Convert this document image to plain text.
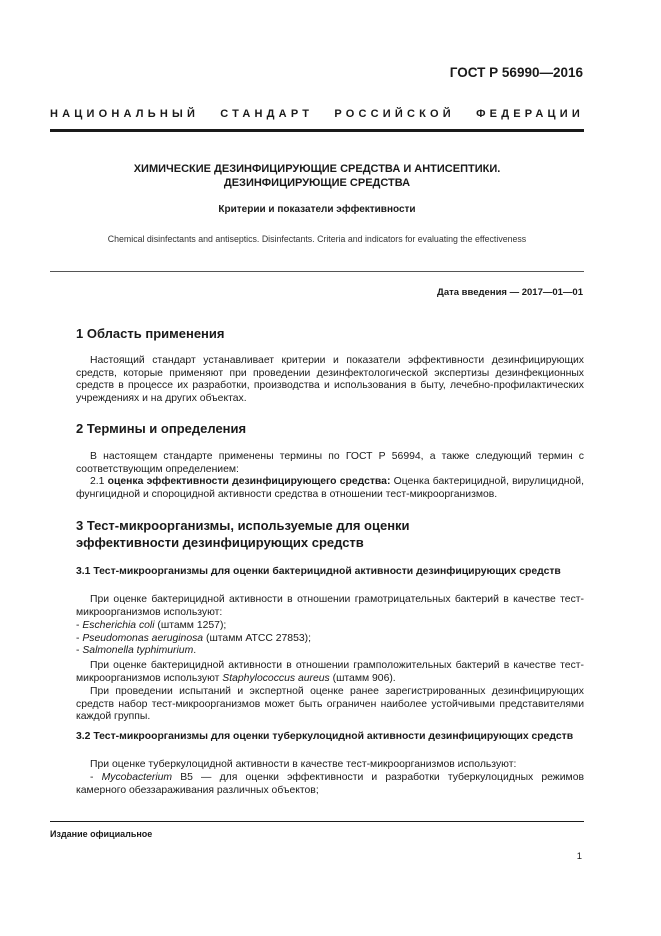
ГОСТ Р 56990—2016
НАЦИОНАЛЬНЫЙ СТАНДАРТ РОССИЙСКОЙ ФЕДЕРАЦИИ
ХИМИЧЕСКИЕ ДЕЗИНФИЦИРУЮЩИЕ СРЕДСТВА И АНТИСЕПТИКИ.
ДЕЗИНФИЦИРУЮЩИЕ СРЕДСТВА
Критерии и показатели эффективности
Chemical disinfectants and antiseptics. Disinfectants. Criteria and indicators for evaluating the effectiveness
Дата введения — 2017—01—01
1 Область применения
Настоящий стандарт устанавливает критерии и показатели эффективности дезинфицирующих средств, которые применяют при проведении дезинфектологической экспертизы дезинфекционных средств в процессе их разработки, производства и использования в быту, лечебно-профилактических учреждениях и на других объектах.
2 Термины и определения
В настоящем стандарте применены термины по ГОСТ Р 56994, а также следующий термин с соответствующим определением:
2.1 оценка эффективности дезинфицирующего средства: Оценка бактерицидной, вирулицидной, фунгицидной и спороцидной активности средства в отношении тест-микроорганизмов.
3 Тест-микроорганизмы, используемые для оценки
эффективности дезинфицирующих средств
3.1 Тест-микроорганизмы для оценки бактерицидной активности дезинфицирующих средств
При оценке бактерицидной активности в отношении грамотрицательных бактерий в качестве тест-микроорганизмов используют:
- Escherichia coli (штамм 1257);
- Pseudomonas aeruginosa (штамм АТСС 27853);
- Salmonella typhimurium.
При оценке бактерицидной активности в отношении грамположительных бактерий в качестве тест-микроорганизмов используют Staphylococcus aureus (штамм 906).
При проведении испытаний и экспертной оценке ранее зарегистрированных дезинфицирующих средств набор тест-микроорганизмов может быть ограничен наиболее устойчивыми представителями каждой группы.
3.2 Тест-микроорганизмы для оценки туберкулоцидной активности дезинфицирующих средств
При оценке туберкулоцидной активности в качестве тест-микроорганизмов используют:
- Mycobacterium B5 — для оценки эффективности и разработки туберкулоцидных режимов камерного обеззараживания различных объектов;
Издание официальное
1
